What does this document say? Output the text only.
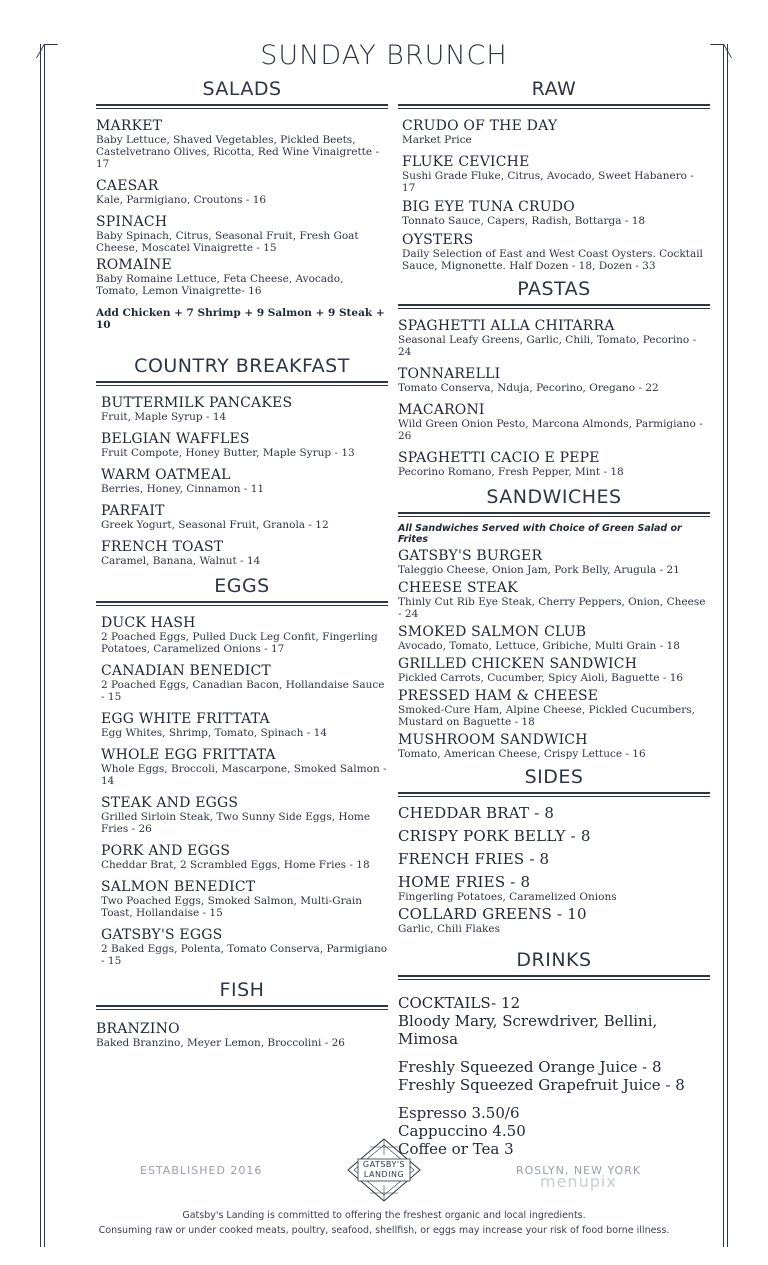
SUNDAY BRUNCH
SALADS
MARKET
Baby Lettuce, Shaved Vegetables, Pickled Beets, Castelvetrano Olives, Ricotta, Red Wine Vinaigrette - 17
CAESAR
Kale, Parmigiano, Croutons - 16
SPINACH
Baby Spinach, Citrus, Seasonal Fruit, Fresh Goat Cheese, Moscatel Vinaigrette - 15
ROMAINE
Baby Romaine Lettuce, Feta Cheese, Avocado, Tomato, Lemon Vinaigrette- 16
Add Chicken + 7 Shrimp + 9 Salmon + 9 Steak + 10
COUNTRY BREAKFAST
BUTTERMILK PANCAKES
Fruit, Maple Syrup - 14
BELGIAN WAFFLES
Fruit Compote, Honey Butter, Maple Syrup - 13
WARM OATMEAL
Berries, Honey, Cinnamon - 11
PARFAIT
Greek Yogurt, Seasonal Fruit, Granola - 12
FRENCH TOAST
Caramel, Banana, Walnut - 14
EGGS
DUCK HASH
2 Poached Eggs, Pulled Duck Leg Confit, Fingerling Potatoes, Caramelized Onions - 17
CANADIAN BENEDICT
2 Poached Eggs, Canadian Bacon, Hollandaise Sauce - 15
EGG WHITE FRITTATA
Egg Whites, Shrimp, Tomato, Spinach - 14
WHOLE EGG FRITTATA
Whole Eggs, Broccoli, Mascarpone, Smoked Salmon - 14
STEAK AND EGGS
Grilled Sirloin Steak, Two Sunny Side Eggs, Home Fries - 26
PORK AND EGGS
Cheddar Brat, 2 Scrambled Eggs, Home Fries - 18
SALMON BENEDICT
Two Poached Eggs, Smoked Salmon, Multi-Grain Toast, Hollandaise - 15
GATSBY'S EGGS
2 Baked Eggs, Polenta, Tomato Conserva, Parmigiano - 15
FISH
BRANZINO
Baked Branzino, Meyer Lemon, Broccolini - 26
RAW
CRUDO OF THE DAY
Market Price
FLUKE CEVICHE
Sushi Grade Fluke, Citrus, Avocado, Sweet Habanero - 17
BIG EYE TUNA CRUDO
Tonnato Sauce, Capers, Radish, Bottarga - 18
OYSTERS
Daily Selection of East and West Coast Oysters. Cocktail Sauce, Mignonette. Half Dozen - 18, Dozen - 33
PASTAS
SPAGHETTI ALLA CHITARRA
Seasonal Leafy Greens, Garlic, Chili, Tomato, Pecorino - 24
TONNARELLI
Tomato Conserva, Nduja, Pecorino, Oregano - 22
MACARONI
Wild Green Onion Pesto, Marcona Almonds, Parmigiano - 26
SPAGHETTI CACIO E PEPE
Pecorino Romano, Fresh Pepper, Mint - 18
SANDWICHES
All Sandwiches Served with Choice of Green Salad or Frites
GATSBY'S BURGER
Taleggio Cheese, Onion Jam, Pork Belly, Arugula - 21
CHEESE STEAK
Thinly Cut Rib Eye Steak, Cherry Peppers, Onion, Cheese - 24
SMOKED SALMON CLUB
Avocado, Tomato, Lettuce, Gribiche, Multi Grain - 18
GRILLED CHICKEN SANDWICH
Pickled Carrots, Cucumber, Spicy Aioli, Baguette - 16
PRESSED HAM & CHEESE
Smoked-Cure Ham, Alpine Cheese, Pickled Cucumbers, Mustard on Baguette - 18
MUSHROOM SANDWICH
Tomato, American Cheese, Crispy Lettuce - 16
SIDES
CHEDDAR BRAT - 8
CRISPY PORK BELLY - 8
FRENCH FRIES - 8
HOME FRIES - 8
Fingerling Potatoes, Caramelized Onions
COLLARD GREENS - 10
Garlic, Chili Flakes
DRINKS
COCKTAILS- 12
Bloody Mary, Screwdriver, Bellini, Mimosa
Freshly Squeezed Orange Juice - 8
Freshly Squeezed Grapefruit Juice - 8
Espresso 3.50/6
Cappuccino 4.50
Coffee or Tea 3
ESTABLISHED 2016	ROSLYN, NEW YORK
menupix
GATSBY'S
LANDING
Gatsby's Landing is committed to offering the freshest organic and local ingredients.
Consuming raw or under cooked meats, poultry, seafood, shellfish, or eggs may increase your risk of food borne illness.
